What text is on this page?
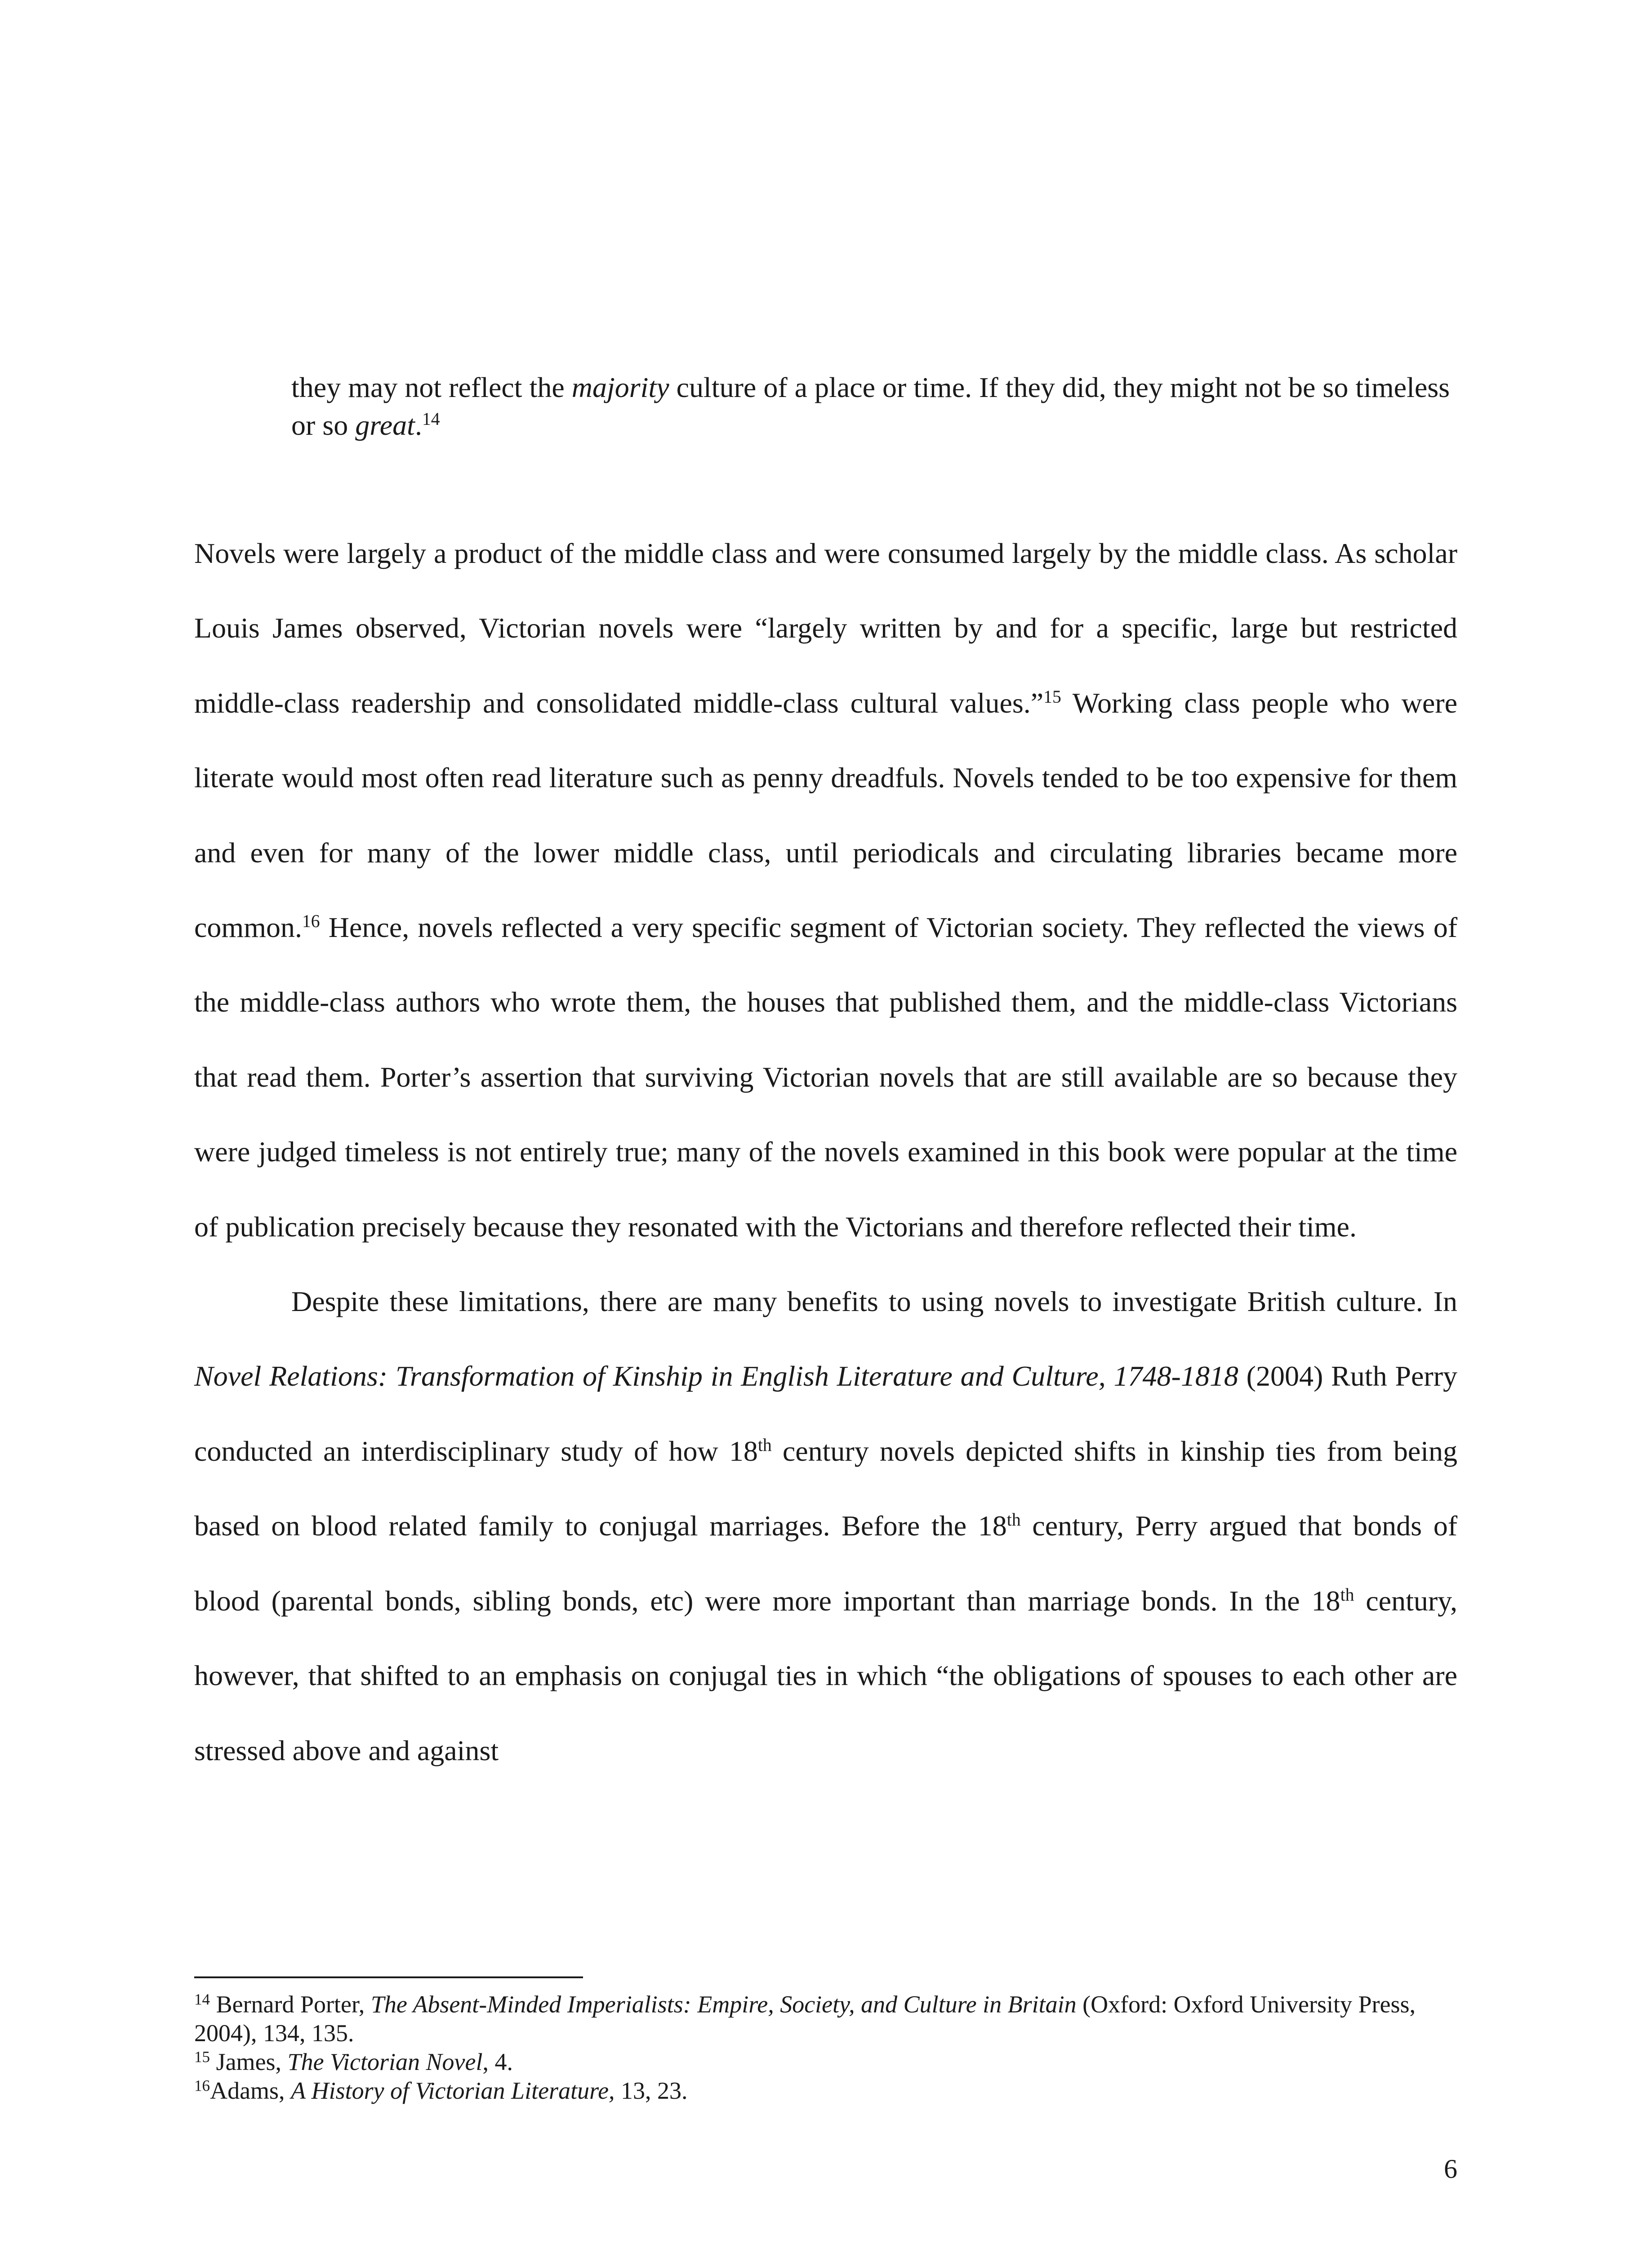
they may not reflect the majority culture of a place or time. If they did, they might not be so timeless or so great.$^{14}$

Novels were largely a product of the middle class and were consumed largely by the middle class. As scholar Louis James observed, Victorian novels were “largely written by and for a specific, large but restricted middle-class readership and consolidated middle-class cultural values.”$^{15}$ Working class people who were literate would most often read literature such as penny dreadfuls. Novels tended to be too expensive for them and even for many of the lower middle class, until periodicals and circulating libraries became more common.$^{16}$ Hence, novels reflected a very specific segment of Victorian society. They reflected the views of the middle-class authors who wrote them, the houses that published them, and the middle-class Victorians that read them. Porter’s assertion that surviving Victorian novels that are still available are so because they were judged timeless is not entirely true; many of the novels examined in this book were popular at the time of publication precisely because they resonated with the Victorians and therefore reflected their time.

Despite these limitations, there are many benefits to using novels to investigate British culture. In Novel Relations: Transformation of Kinship in English Literature and Culture, 1748-1818 (2004) Ruth Perry conducted an interdisciplinary study of how 18th century novels depicted shifts in kinship ties from being based on blood related family to conjugal marriages. Before the 18th century, Perry argued that bonds of blood (parental bonds, sibling bonds, etc) were more important than marriage bonds. In the 18th century, however, that shifted to an emphasis on conjugal ties in which “the obligations of spouses to each other are stressed above and against

$^{14}$ Bernard Porter, The Absent-Minded Imperialists: Empire, Society, and Culture in Britain (Oxford: Oxford University Press, 2004), 134, 135.

$^{15}$ James, The Victorian Novel, 4.

$^{16}$Adams, A History of Victorian Literature, 13, 23.

6
